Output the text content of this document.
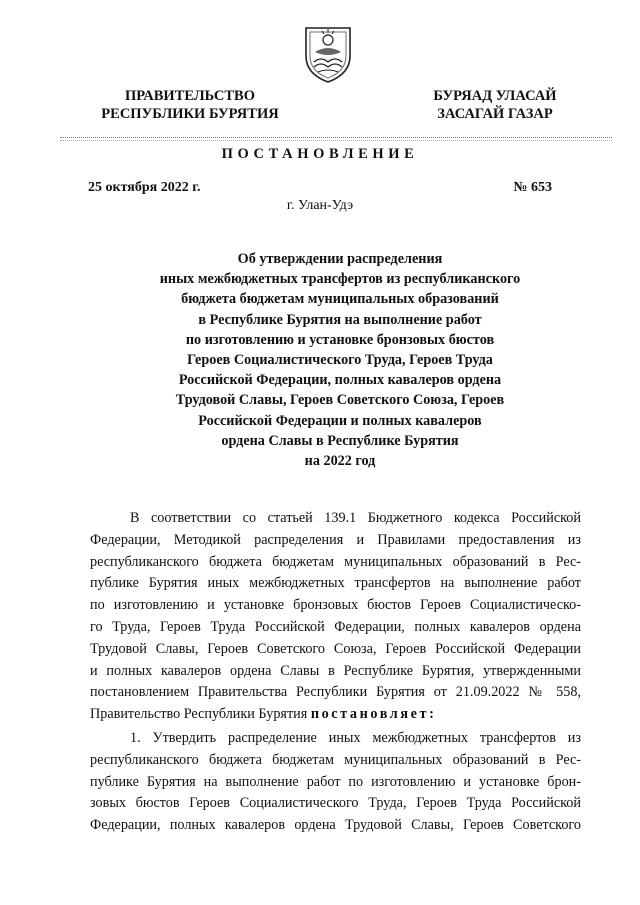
ПРАВИТЕЛЬСТВО
РЕСПУБЛИКИ БУРЯТИЯ
БУРЯАД УЛАСАЙ
ЗАСАГАЙ ГАЗАР
ПОСТАНОВЛЕНИЕ
25 октября 2022 г.	№ 653
г. Улан-Удэ
Об утверждении распределения
иных межбюджетных трансфертов из республиканского
бюджета бюджетам муниципальных образований
в Республике Бурятия на выполнение работ
по изготовлению и установке бронзовых бюстов
Героев Социалистического Труда, Героев Труда
Российской Федерации, полных кавалеров ордена
Трудовой Славы, Героев Советского Союза, Героев
Российской Федерации и полных кавалеров
ордена Славы в Республике Бурятия
на 2022 год
В соответствии со статьей 139.1 Бюджетного кодекса Российской
Федерации, Методикой распределения и Правилами предоставления из
республиканского бюджета бюджетам муниципальных образований в Рес-
публике Бурятия иных межбюджетных трансфертов на выполнение работ
по изготовлению и установке бронзовых бюстов Героев Социалистическо-
го Труда, Героев Труда Российской Федерации, полных кавалеров ордена
Трудовой Славы, Героев Советского Союза, Героев Российской Федерации
и полных кавалеров ордена Славы в Республике Бурятия, утвержденными
постановлением Правительства Республики Бурятия от 21.09.2022 № 558,
Правительство Республики Бурятия постановляет:
1. Утвердить распределение иных межбюджетных трансфертов из
республиканского бюджета бюджетам муниципальных образований в Рес-
публике Бурятия на выполнение работ по изготовлению и установке брон-
зовых бюстов Героев Социалистического Труда, Героев Труда Российской
Федерации, полных кавалеров ордена Трудовой Славы, Героев Советского
